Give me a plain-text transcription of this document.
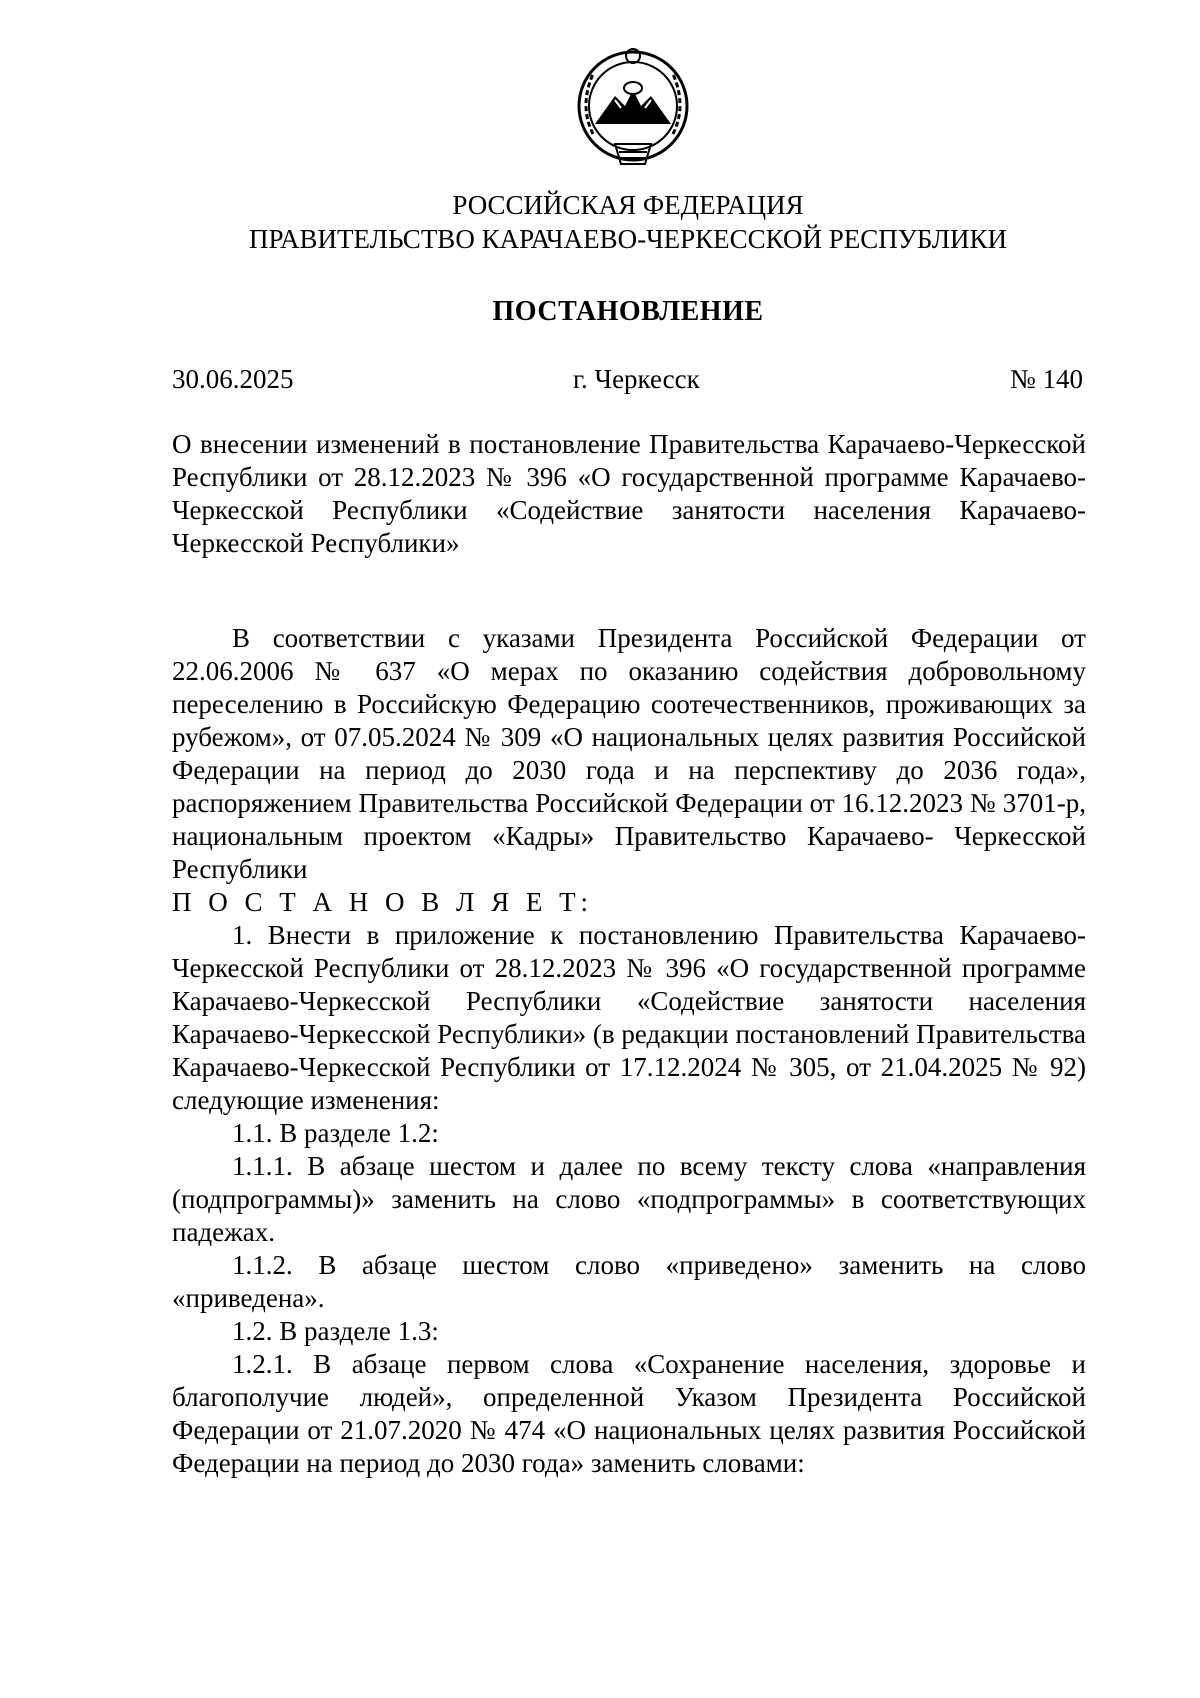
РОССИЙСКАЯ ФЕДЕРАЦИЯ
ПРАВИТЕЛЬСТВО КАРАЧАЕВО-ЧЕРКЕССКОЙ РЕСПУБЛИКИ
ПОСТАНОВЛЕНИЕ
30.06.2025	г. Черкесск	№ 140

О внесении изменений в постановление Правительства Карачаево-Черкесской Республики от 28.12.2023 № 396 «О государственной программе Карачаево-Черкесской Республики «Содействие занятости населения Карачаево-Черкесской Республики»

В соответствии с указами Президента Российской Федерации от 22.06.2006 № 637 «О мерах по оказанию содействия добровольному переселению в Российскую Федерацию соотечественников, проживающих за рубежом», от 07.05.2024 № 309 «О национальных целях развития Российской Федерации на период до 2030 года и на перспективу до 2036 года», распоряжением Правительства Российской Федерации от 16.12.2023 № 3701-р, национальным проектом «Кадры» Правительство Карачаево- Черкесской Республики

П О С Т А Н О В Л Я Е Т:

1. Внести в приложение к постановлению Правительства Карачаево-Черкесской Республики от 28.12.2023 № 396 «О государственной программе Карачаево-Черкесской Республики «Содействие занятости населения Карачаево-Черкесской Республики» (в редакции постановлений Правительства Карачаево-Черкесской Республики от 17.12.2024 № 305, от 21.04.2025 № 92) следующие изменения:

1.1. В разделе 1.2:

1.1.1. В абзаце шестом и далее по всему тексту слова «направления (подпрограммы)» заменить на слово «подпрограммы» в соответствующих падежах.

1.1.2. В абзаце шестом слово «приведено» заменить на слово «приведена».

1.2. В разделе 1.3:

1.2.1. В абзаце первом слова «Сохранение населения, здоровье и благополучие людей», определенной Указом Президента Российской Федерации от 21.07.2020 № 474 «О национальных целях развития Российской Федерации на период до 2030 года» заменить словами:
